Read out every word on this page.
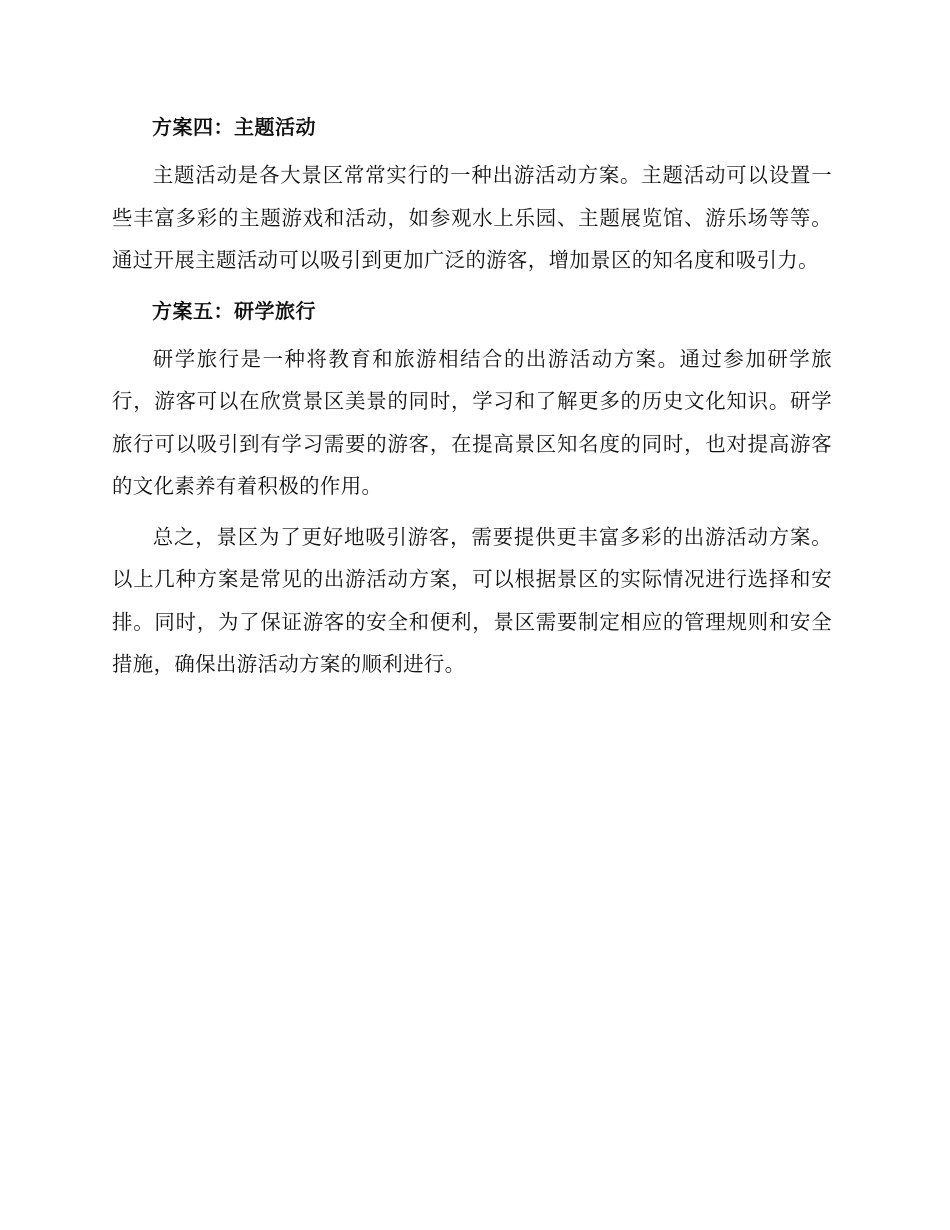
方案四：主题活动

主题活动是各大景区常常实行的一种出游活动方案。主题活动可以设置一些丰富多彩的主题游戏和活动，如参观水上乐园、主题展览馆、游乐场等等。通过开展主题活动可以吸引到更加广泛的游客，增加景区的知名度和吸引力。

方案五：研学旅行

研学旅行是一种将教育和旅游相结合的出游活动方案。通过参加研学旅行，游客可以在欣赏景区美景的同时，学习和了解更多的历史文化知识。研学旅行可以吸引到有学习需要的游客，在提高景区知名度的同时，也对提高游客的文化素养有着积极的作用。

总之，景区为了更好地吸引游客，需要提供更丰富多彩的出游活动方案。以上几种方案是常见的出游活动方案，可以根据景区的实际情况进行选择和安排。同时，为了保证游客的安全和便利，景区需要制定相应的管理规则和安全措施，确保出游活动方案的顺利进行。
